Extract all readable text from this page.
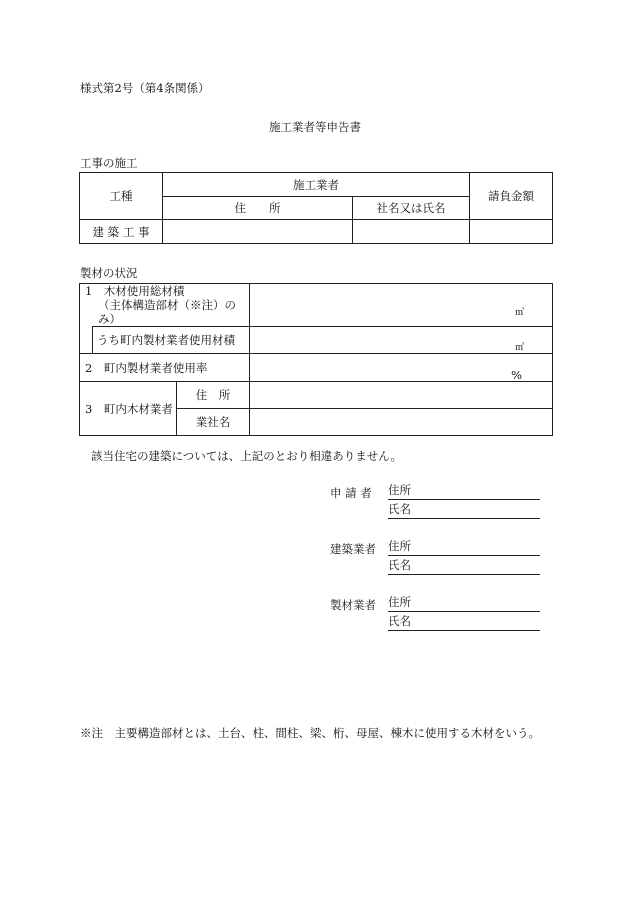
様式第2号（第4条関係）
施工業者等申告書
工事の施工
工種	施工業者		請負金額
	住　　所	社名又は氏名	
建 築 工 事			
製材の状況
1　木材使用総材積
（主体構造部材（※注）のみ）			㎥

	うち町内製材業者使用材積		㎥

2　町内製材業者使用率			%

3　町内木材業者		住　所	
		業社名	
該当住宅の建築については、上記のとおり相違ありません。
申 請 者 住所
氏名
建築業者 住所
氏名
製材業者 住所
氏名
※注　主要構造部材とは、土台、柱、間柱、梁、桁、母屋、棟木に使用する木材をいう。
